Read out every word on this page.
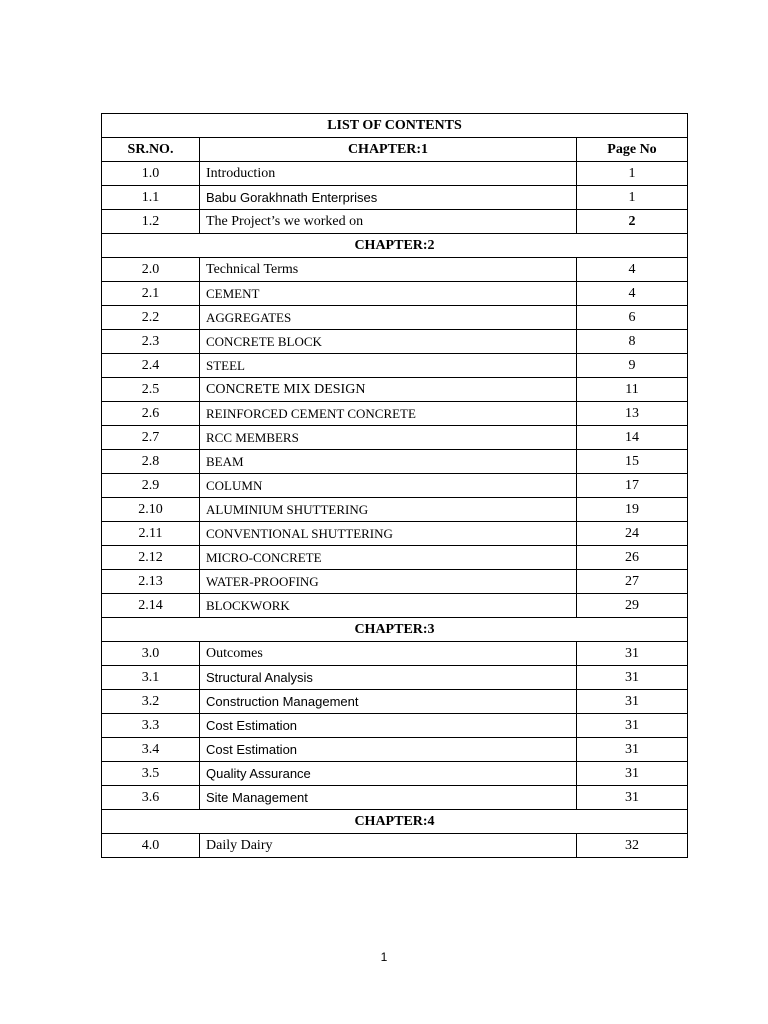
LIST OF CONTENTS		
SR.NO.	CHAPTER:1	Page No
1.0	Introduction	1
1.1	Babu Gorakhnath Enterprises	1
1.2	The Project’s we worked on	2
CHAPTER:2		
2.0	Technical Terms	4
2.1	CEMENT	4
2.2	AGGREGATES	6
2.3	CONCRETE BLOCK	8
2.4	STEEL	9
2.5	CONCRETE MIX DESIGN	11
2.6	REINFORCED CEMENT CONCRETE	13
2.7	RCC MEMBERS	14
2.8	BEAM	15
2.9	COLUMN	17
2.10	ALUMINIUM SHUTTERING	19
2.11	CONVENTIONAL SHUTTERING	24
2.12	MICRO-CONCRETE	26
2.13	WATER-PROOFING	27
2.14	BLOCKWORK	29
CHAPTER:3		
3.0	Outcomes	31
3.1	Structural Analysis	31
3.2	Construction Management	31
3.3	Cost Estimation	31
3.4	Cost Estimation	31
3.5	Quality Assurance	31
3.6	Site Management	31
CHAPTER:4		
4.0	Daily Dairy	32
1
